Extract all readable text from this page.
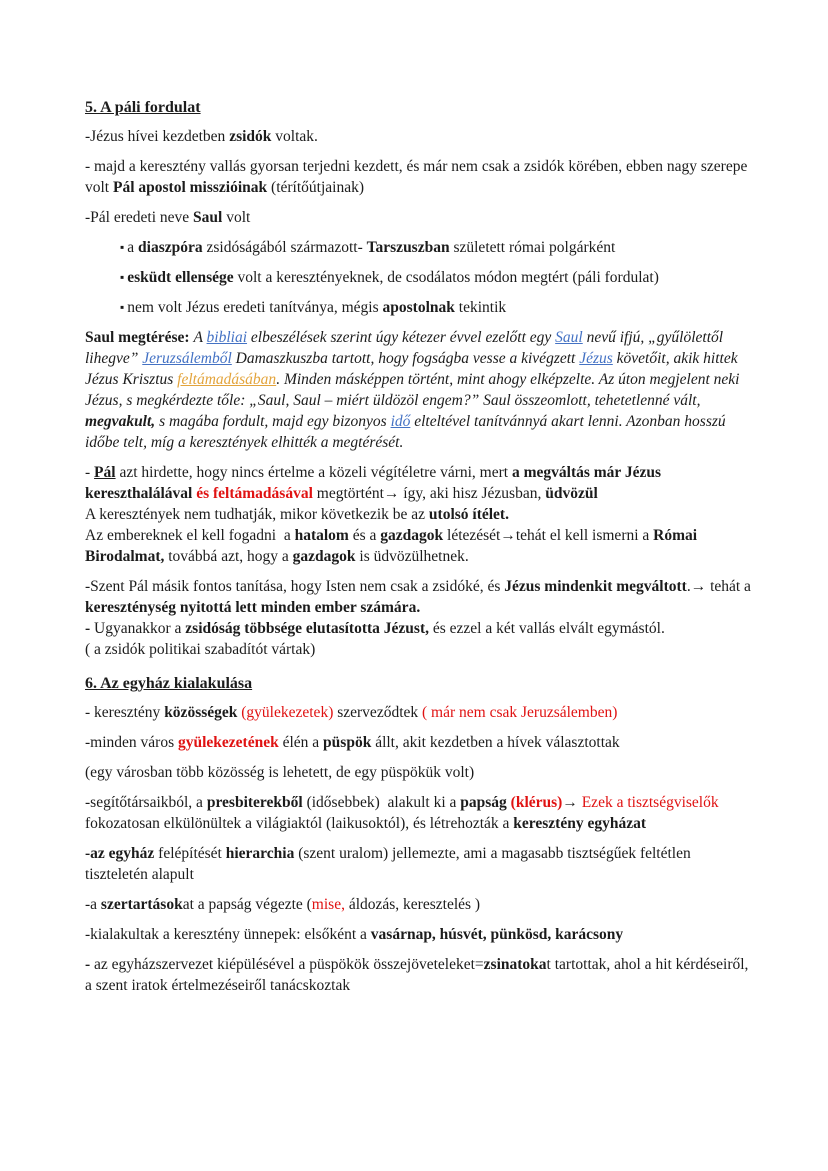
5. A páli fordulat

-Jézus hívei kezdetben zsidók voltak.

- majd a keresztény vallás gyorsan terjedni kezdett, és már nem csak a zsidók körében, ebben nagy szerepe volt Pál apostol misszióinak (térítőútjainak)

-Pál eredeti neve Saul volt

▪ a diaszpóra zsidóságából származott- Tarszuszban született római polgárként

▪ esküdt ellensége volt a keresztényeknek, de csodálatos módon megtért (páli fordulat)

▪ nem volt Jézus eredeti tanítványa, mégis apostolnak tekintik

Saul megtérése: A bibliai elbeszélések szerint úgy kétezer évvel ezelőtt egy Saul nevű ifjú, „gyűlölettől lihegve” Jeruzsálemből Damaszkuszba tartott, hogy fogságba vesse a kivégzett Jézus követőit, akik hittek Jézus Krisztus feltámadásában. Minden másképpen történt, mint ahogy elképzelte. Az úton megjelent neki Jézus, s megkérdezte tőle: „Saul, Saul – miért üldözöl engem?” Saul összeomlott, tehetetlenné vált, megvakult, s magába fordult, majd egy bizonyos idő elteltével tanítvánnyá akart lenni. Azonban hosszú időbe telt, míg a keresztények elhitték a megtérését.

- Pál azt hirdette, hogy nincs értelme a közeli végítéletre várni, mert a megváltás már Jézus kereszthalálával és feltámadásával megtörtént→ így, aki hisz Jézusban, üdvözül

A keresztények nem tudhatják, mikor következik be az utolsó ítélet.

Az embereknek el kell fogadni  a hatalom és a gazdagok létezését→tehát el kell ismerni a Római Birodalmat, továbbá azt, hogy a gazdagok is üdvözülhetnek.

-Szent Pál másik fontos tanítása, hogy Isten nem csak a zsidóké, és Jézus mindenkit megváltott.→ tehát a kereszténység nyitottá lett minden ember számára.

- Ugyanakkor a zsidóság többsége elutasította Jézust, és ezzel a két vallás elvált egymástól.

( a zsidók politikai szabadítót vártak)

6. Az egyház kialakulása

- keresztény közösségek (gyülekezetek) szerveződtek ( már nem csak Jeruzsálemben)

-minden város gyülekezetének élén a püspök állt, akit kezdetben a hívek választottak

(egy városban több közösség is lehetett, de egy püspökük volt)

-segítőtársaikból, a presbiterekből (idősebbek)  alakult ki a papság (klérus)→ Ezek a tisztségviselők fokozatosan elkülönültek a világiaktól (laikusoktól), és létrehozták a keresztény egyházat

-az egyház felépítését hierarchia (szent uralom) jellemezte, ami a magasabb tisztségűek feltétlen tiszteletén alapult

-a szertartásokat a papság végezte (mise, áldozás, keresztelés )

-kialakultak a keresztény ünnepek: elsőként a vasárnap, húsvét, pünkösd, karácsony

- az egyházszervezet kiépülésével a püspökök összejöveteleket=zsinatokat tartottak, ahol a hit kérdéseiről, a szent iratok értelmezéseiről tanácskoztak
